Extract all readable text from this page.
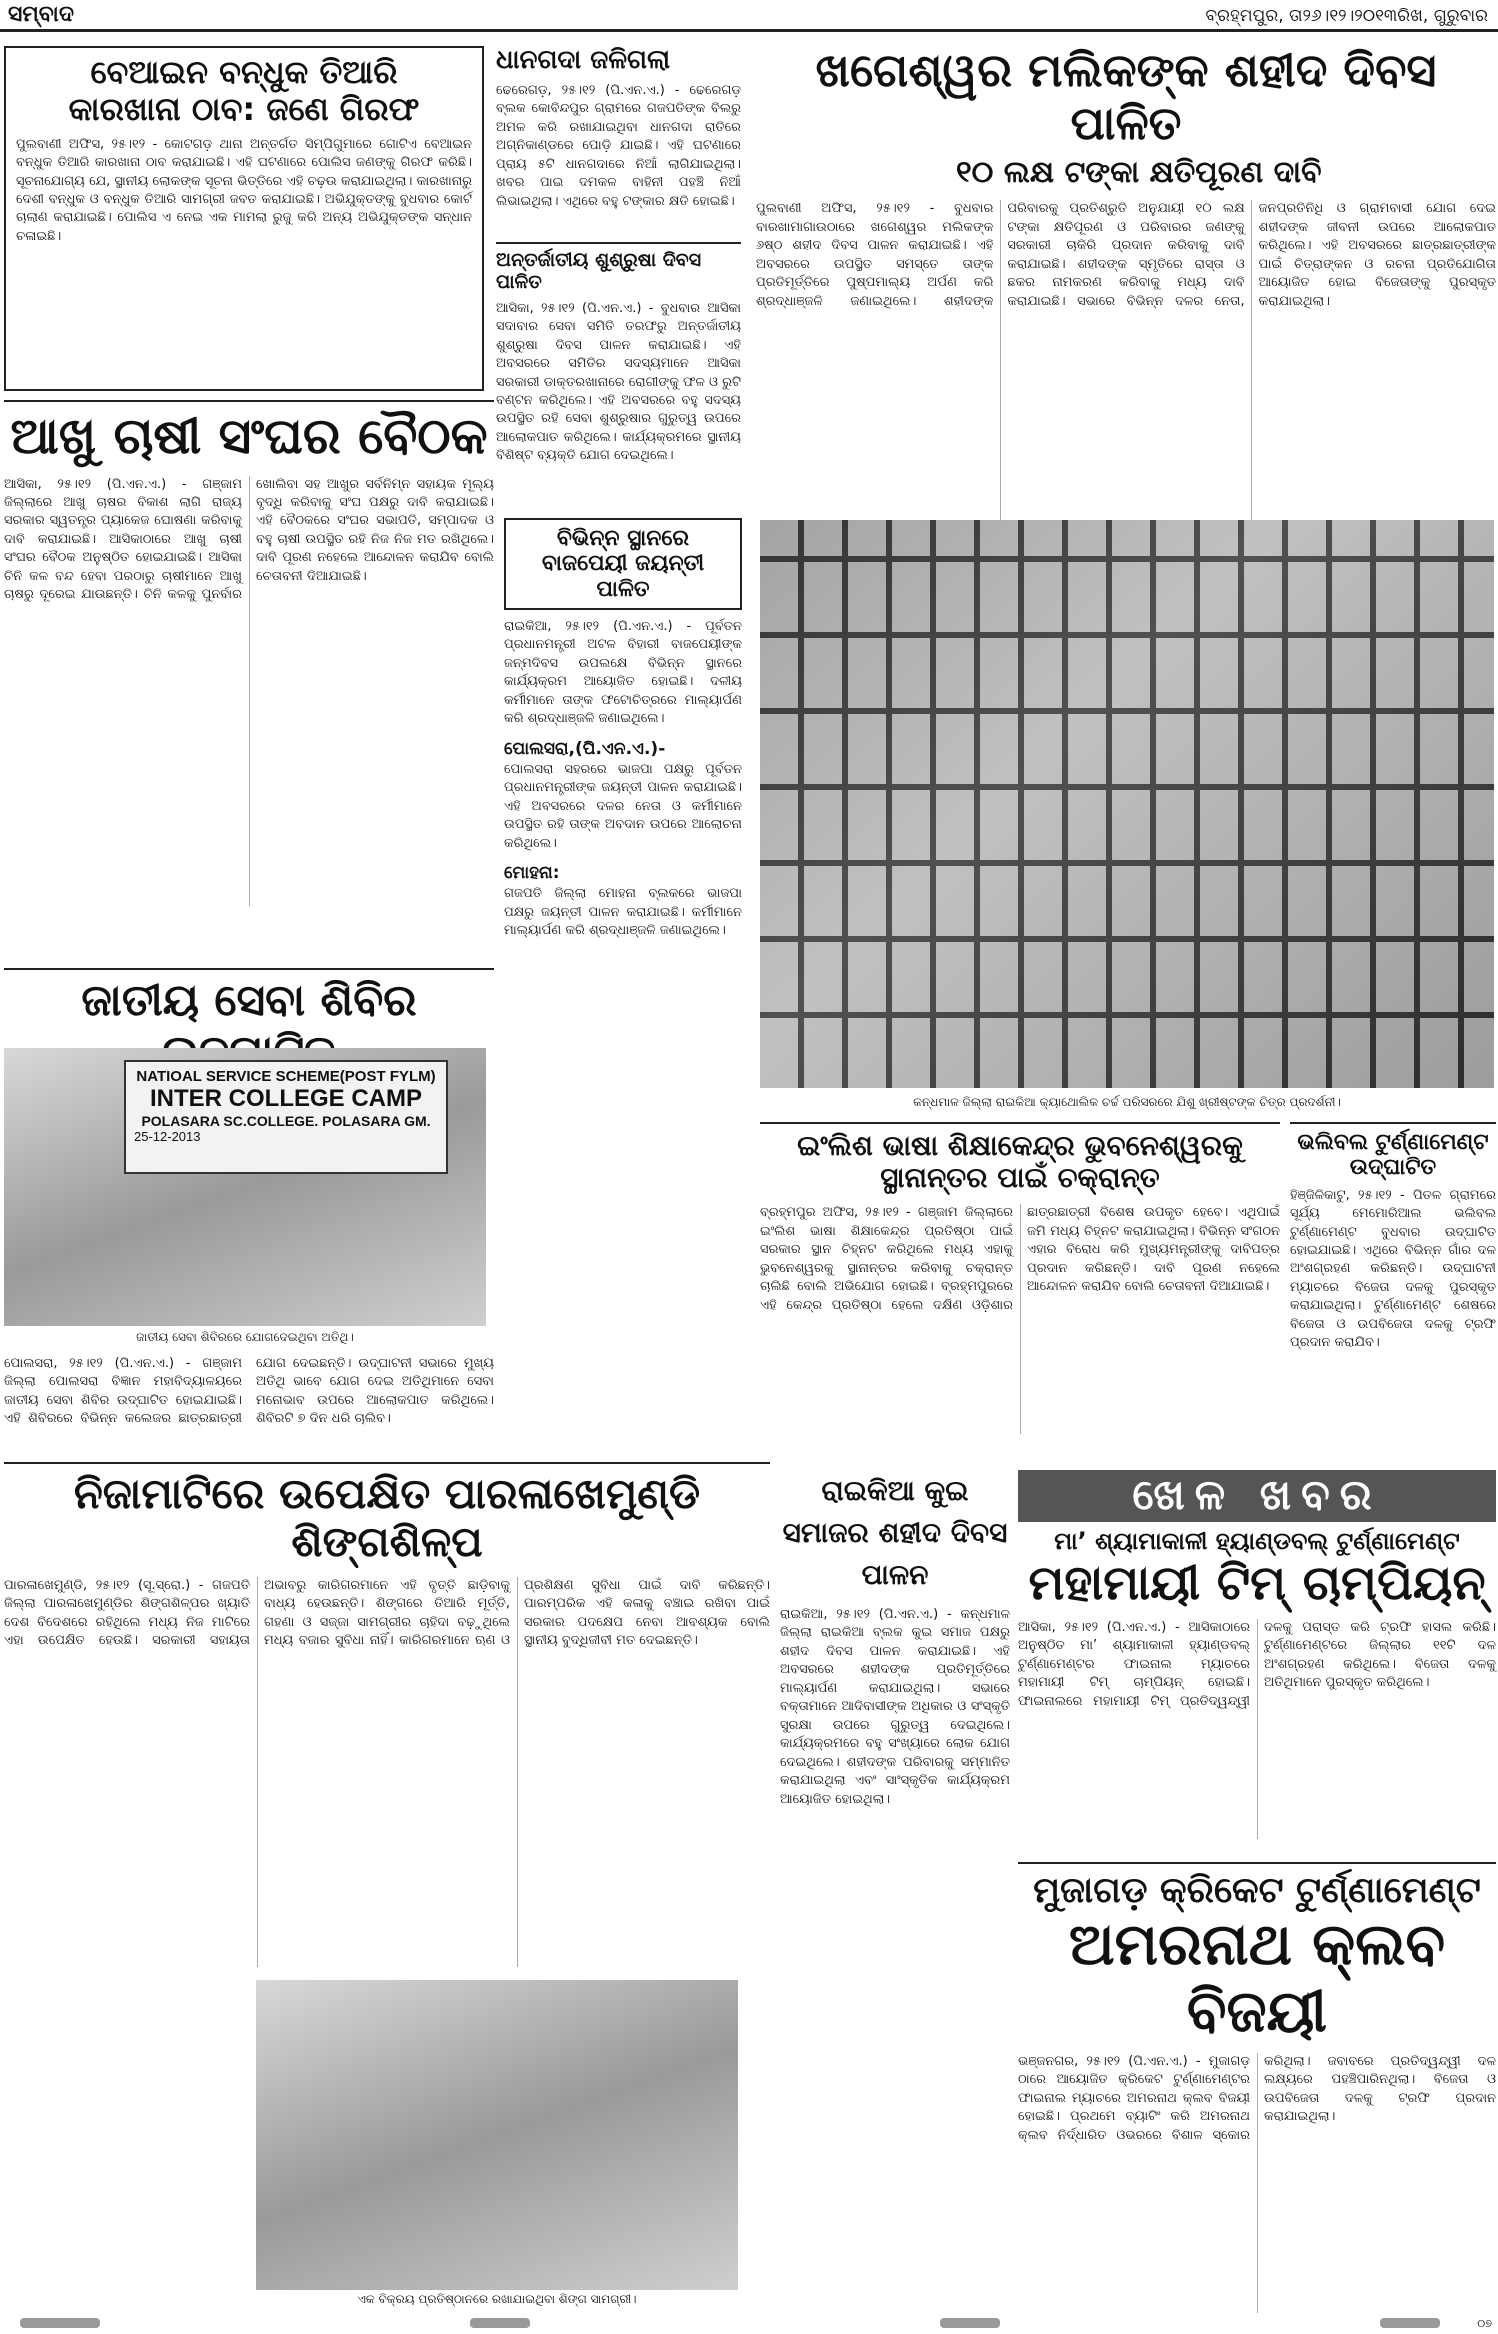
ସମ୍ବାଦ	ବ୍ରହ୍ମପୁର, ତା୨୬।୧୨।୨୦୧୩ରିଖ, ଗୁରୁବାର
ବେଆଇନ ବନ୍ଧୁକ ତିଆରି
କାରଖାନା ଠାବ: ଜଣେ ଗିରଫ
ପୁଲବାଣୀ ଅଫିସ, ୨୫।୧୨ - କୋଟଗଡ଼ ଥାନା ଅନ୍ତର୍ଗତ ସିମ୍‌ପିଗୁମାରେ ଗୋଟିଏ ବେଆଇନ ବନ୍ଧୁକ ତିଆରି କାରଖାନା ଠାବ କରାଯାଇଛି। ଏହି ଘଟଣାରେ ପୋଲିସ ଜଣଙ୍କୁ ଗିରଫ କରିଛି। ସୂଚନାଯୋଗ୍ୟ ଯେ, ସ୍ଥାନୀୟ ଲୋକଙ୍କ ସୂଚନା ଭିତ୍ତିରେ ଏହି ଚଢ଼ଉ କରାଯାଇଥିଲା। କାରଖାନାରୁ ଦେଶୀ ବନ୍ଧୁକ ଓ ବନ୍ଧୁକ ତିଆରି ସାମଗ୍ରୀ ଜବତ କରାଯାଇଛି। ଅଭିଯୁକ୍ତଙ୍କୁ ବୁଧବାର କୋର୍ଟ ଚାଲାଣ କରାଯାଇଛି। ପୋଲିସ ଏ ନେଇ ଏକ ମାମଲା ରୁଜୁ କରି ଅନ୍ୟ ଅଭିଯୁକ୍ତଙ୍କ ସନ୍ଧାନ ଚଳାଇଛି।
ଧାନଗଦା ଜଳିଗଲା
ଢେରେଗଡ଼, ୨୫।୧୨ (ପି.ଏନ.ଏ.) - ଢେରେଗଡ଼ ବ୍ଲକ କୋବିନ୍ଦପୁର ଗ୍ରାମରେ ଗଜପତିଙ୍କ ବିଲରୁ ଅମଳ କରି ରଖାଯାଇଥିବା ଧାନଗଦା ରାତିରେ ଅଗ୍ନିକାଣ୍ଡରେ ପୋଡ଼ି ଯାଇଛି। ଏହି ଘଟଣାରେ ପ୍ରାୟ ୫ଟି ଧାନଗଦାରେ ନିଆଁ ଲାଗିଯାଇଥିଲା। ଖବର ପାଇ ଦମକଳ ବାହିନୀ ପହଞ୍ଚି ନିଆଁ ଲିଭାଇଥିଲା। ଏଥିରେ ବହୁ ଟଙ୍କାର କ୍ଷତି ହୋଇଛି।
ଅନ୍ତର୍ଜାତୀୟ ଶୁଶ୍ରୁଷା ଦିବସ ପାଳିତ
ଆସିକା, ୨୫।୧୨ (ପି.ଏନ.ଏ.) - ବୁଧବାର ଆସିକା ସଦାବାର ସେବା ସମିତି ତରଫରୁ ଅନ୍ତର୍ଜାତୀୟ ଶୁଶ୍ରୁଷା ଦିବସ ପାଳନ କରାଯାଇଛି। ଏହି ଅବସରରେ ସମିତିର ସଦସ୍ୟମାନେ ଆସିକା ସରକାରୀ ଡାକ୍ତରଖାନାରେ ରୋଗୀଙ୍କୁ ଫଳ ଓ ରୁଟି ବଣ୍ଟନ କରିଥିଲେ। ଏହି ଅବସରରେ ବହୁ ସଦସ୍ୟ ଉପସ୍ଥିତ ରହି ସେବା ଶୁଶ୍ରୁଷାର ଗୁରୁତ୍ୱ ଉପରେ ଆଲୋକପାତ କରିଥିଲେ। କାର୍ଯ୍ୟକ୍ରମରେ ସ୍ଥାନୀୟ ବିଶିଷ୍ଟ ବ୍ୟକ୍ତି ଯୋଗ ଦେଇଥିଲେ।
ଖଗେଶ୍ୱର ମଲିକଙ୍କ ଶହୀଦ ଦିବସ ପାଳିତ
୧୦ ଲକ୍ଷ ଟଙ୍କା କ୍ଷତିପୂରଣ ଦାବି
ପୁଲବାଣୀ ଅଫିସ, ୨୫।୧୨ - ବୁଧବାର ବାରଖାମାଗାଉଠାରେ ଖଗେଶ୍ୱର ମଲିକଙ୍କ ୬ଷ୍ଠ ଶହୀଦ ଦିବସ ପାଳନ କରାଯାଇଛି। ଏହି ଅବସରରେ ଉପସ୍ଥିତ ସମସ୍ତେ ତାଙ୍କ ପ୍ରତିମୂର୍ତ୍ତିରେ ପୁଷ୍ପମାଲ୍ୟ ଅର୍ପଣ କରି ଶ୍ରଦ୍ଧାଞ୍ଜଳି ଜଣାଇଥିଲେ। ଶହୀଦଙ୍କ ପରିବାରକୁ ପ୍ରତିଶ୍ରୁତି ଅନୁଯାୟୀ ୧୦ ଲକ୍ଷ ଟଙ୍କା କ୍ଷତିପୂରଣ ଓ ପରିବାରର ଜଣଙ୍କୁ ସରକାରୀ ଚାକିରି ପ୍ରଦାନ କରିବାକୁ ଦାବି କରାଯାଇଛି। ଶହୀଦଙ୍କ ସ୍ମୃତିରେ ରାସ୍ତା ଓ ଛକର ନାମକରଣ କରିବାକୁ ମଧ୍ୟ ଦାବି କରାଯାଇଛି। ସଭାରେ ବିଭିନ୍ନ ଦଳର ନେତା, ଜନପ୍ରତିନିଧି ଓ ଗ୍ରାମବାସୀ ଯୋଗ ଦେଇ ଶହୀଦଙ୍କ ଜୀବନୀ ଉପରେ ଆଲୋକପାତ କରିଥିଲେ। ଏହି ଅବସରରେ ଛାତ୍ରଛାତ୍ରୀଙ୍କ ପାଇଁ ଚିତ୍ରାଙ୍କନ ଓ ରଚନା ପ୍ରତିଯୋଗିତା ଆୟୋଜିତ ହୋଇ ବିଜେତାଙ୍କୁ ପୁରସ୍କୃତ କରାଯାଇଥିଲା।
ଆଖୁ ଚାଷୀ ସଂଘର ବୈଠକ
ଆସିକା, ୨୫।୧୨ (ପି.ଏନ.ଏ.) - ଗଞ୍ଜାମ ଜିଲ୍ଲାରେ ଆଖୁ ଚାଷର ବିକାଶ ଲାଗି ରାଜ୍ୟ ସରକାର ସ୍ୱତନ୍ତ୍ର ପ୍ୟାକେଜ ଘୋଷଣା କରିବାକୁ ଦାବି କରାଯାଇଛି। ଆସିକାଠାରେ ଆଖୁ ଚାଷୀ ସଂଘର ବୈଠକ ଅନୁଷ୍ଠିତ ହୋଇଯାଇଛି। ଆସିକା ଚିନି କଳ ବନ୍ଦ ହେବା ପରଠାରୁ ଚାଷୀମାନେ ଆଖୁ ଚାଷରୁ ଦୂରେଇ ଯାଉଛନ୍ତି। ଚିନି କଳକୁ ପୁନର୍ବାର ଖୋଲିବା ସହ ଆଖୁର ସର୍ବନିମ୍ନ ସହାୟକ ମୂଲ୍ୟ ବୃଦ୍ଧି କରିବାକୁ ସଂଘ ପକ୍ଷରୁ ଦାବି କରାଯାଇଛି। ଏହି ବୈଠକରେ ସଂଘର ସଭାପତି, ସମ୍ପାଦକ ଓ ବହୁ ଚାଷୀ ଉପସ୍ଥିତ ରହି ନିଜ ନିଜ ମତ ରଖିଥିଲେ। ଦାବି ପୂରଣ ନହେଲେ ଆନ୍ଦୋଳନ କରାଯିବ ବୋଲି ଚେତାବନୀ ଦିଆଯାଇଛି।
ବିଭିନ୍ନ ସ୍ଥାନରେ ବାଜପେୟୀ ଜୟନ୍ତୀ ପାଳିତ
ରାଇକିଆ, ୨୫।୧୨ (ପି.ଏନ.ଏ.) - ପୂର୍ବତନ ପ୍ରଧାନମନ୍ତ୍ରୀ ଅଟଳ ବିହାରୀ ବାଜପେୟୀଙ୍କ ଜନ୍ମଦିବସ ଉପଲକ୍ଷେ ବିଭିନ୍ନ ସ୍ଥାନରେ କାର୍ଯ୍ୟକ୍ରମ ଆୟୋଜିତ ହୋଇଛି। ଦଳୀୟ କର୍ମୀମାନେ ତାଙ୍କ ଫଟୋଚିତ୍ରରେ ମାଲ୍ୟାର୍ପଣ କରି ଶ୍ରଦ୍ଧାଞ୍ଜଳି ଜଣାଇଥିଲେ।
ପୋଲସରା,(ପି.ଏନ.ଏ.)-
ପୋଲସରା ସହରରେ ଭାଜପା ପକ୍ଷରୁ ପୂର୍ବତନ ପ୍ରଧାନମନ୍ତ୍ରୀଙ୍କ ଜୟନ୍ତୀ ପାଳନ କରାଯାଇଛି। ଏହି ଅବସରରେ ଦଳର ନେତା ଓ କର୍ମୀମାନେ ଉପସ୍ଥିତ ରହି ତାଙ୍କ ଅବଦାନ ଉପରେ ଆଲୋଚନା କରିଥିଲେ।
ମୋହନା:
ଗଜପତି ଜିଲ୍ଲା ମୋହନା ବ୍ଲକରେ ଭାଜପା ପକ୍ଷରୁ ଜୟନ୍ତୀ ପାଳନ କରାଯାଇଛି। କର୍ମୀମାନେ ମାଲ୍ୟାର୍ପଣ କରି ଶ୍ରଦ୍ଧାଞ୍ଜଳି ଜଣାଇଥିଲେ।
କନ୍ଧମାଳ ଜିଲ୍ଲା ରାଇକିଆ କ୍ୟାଥୋଲିକ ଚର୍ଚ୍ଚ ପରିସରରେ ଯିଶୁ ଖ୍ରୀଷ୍ଟଙ୍କ ଚିତ୍ର ପ୍ରଦର୍ଶନୀ।
ଜାତୀୟ ସେବା ଶିବିର
NATIOAL SERVICE SCHEME(POST FYLM)
INTER COLLEGE CAMP
POLASARA SC.COLLEGE. POLASARA GM.
25-12-2013
ଜାତୀୟ ସେବା ଶିବିରରେ ଯୋଗଦେଇଥିବା ଅତିଥି।
ପୋଲସରା, ୨୫।୧୨ (ପି.ଏନ.ଏ.) - ଗଞ୍ଜାମ ଜିଲ୍ଲା ପୋଲସରା ବିଜ୍ଞାନ ମହାବିଦ୍ୟାଳୟରେ ଜାତୀୟ ସେବା ଶିବିର ଉଦ୍‌ଘାଟିତ ହୋଇଯାଇଛି। ଏହି ଶିବିରରେ ବିଭିନ୍ନ କଲେଜର ଛାତ୍ରଛାତ୍ରୀ ଯୋଗ ଦେଇଛନ୍ତି। ଉଦ୍‌ଘାଟନୀ ସଭାରେ ମୁଖ୍ୟ ଅତିଥି ଭାବେ ଯୋଗ ଦେଇ ଅତିଥିମାନେ ସେବା ମନୋଭାବ ଉପରେ ଆଲୋକପାତ କରିଥିଲେ। ଶିବିରଟି ୭ ଦିନ ଧରି ଚାଲିବ।
ଇଂଲିଶ ଭାଷା ଶିକ୍ଷାକେନ୍ଦ୍ର ଭୁବନେଶ୍ୱରକୁ ସ୍ଥାନାନ୍ତର ପାଇଁ ଚକ୍ରାନ୍ତ
ବ୍ରହ୍ମପୁର ଅଫିସ, ୨୫।୧୨ - ଗଞ୍ଜାମ ଜିଲ୍ଲାରେ ଇଂଲିଶ ଭାଷା ଶିକ୍ଷାକେନ୍ଦ୍ର ପ୍ରତିଷ୍ଠା ପାଇଁ ସରକାର ସ୍ଥାନ ଚିହ୍ନଟ କରିଥିଲେ ମଧ୍ୟ ଏହାକୁ ଭୁବନେଶ୍ୱରକୁ ସ୍ଥାନାନ୍ତର କରିବାକୁ ଚକ୍ରାନ୍ତ ଚାଲିଛି ବୋଲି ଅଭିଯୋଗ ହୋଇଛି। ବ୍ରହ୍ମପୁରରେ ଏହି କେନ୍ଦ୍ର ପ୍ରତିଷ୍ଠା ହେଲେ ଦକ୍ଷିଣ ଓଡ଼ିଶାର ଛାତ୍ରଛାତ୍ରୀ ବିଶେଷ ଉପକୃତ ହେବେ। ଏଥିପାଇଁ ଜମି ମଧ୍ୟ ଚିହ୍ନଟ କରାଯାଇଥିଲା। ବିଭିନ୍ନ ସଂଗଠନ ଏହାର ବିରୋଧ କରି ମୁଖ୍ୟମନ୍ତ୍ରୀଙ୍କୁ ଦାବିପତ୍ର ପ୍ରଦାନ କରିଛନ୍ତି। ଦାବି ପୂରଣ ନହେଲେ ଆନ୍ଦୋଳନ କରାଯିବ ବୋଲି ଚେତାବନୀ ଦିଆଯାଇଛି।
ଭଲିବଲ ଟୁର୍ଣ୍ଣାମେଣ୍ଟ ଉଦ୍‌ଘାଟିତ
ହିଞ୍ଜିଳିକାଟୁ, ୨୫।୧୨ - ପିତଳ ଗ୍ରାମରେ ସୂର୍ଯ୍ୟ ମେମୋରିଆଲ ଭଲିବଲ ଟୁର୍ଣ୍ଣାମେଣ୍ଟ ବୁଧବାର ଉଦ୍‌ଘାଟିତ ହୋଇଯାଇଛି। ଏଥିରେ ବିଭିନ୍ନ ଗାଁର ଦଳ ଅଂଶଗ୍ରହଣ କରିଛନ୍ତି। ଉଦ୍‌ଘାଟନୀ ମ୍ୟାଚରେ ବିଜେତା ଦଳକୁ ପୁରସ୍କୃତ କରାଯାଇଥିଲା। ଟୁର୍ଣ୍ଣାମେଣ୍ଟ ଶେଷରେ ବିଜେତା ଓ ଉପବିଜେତା ଦଳକୁ ଟ୍ରଫି ପ୍ରଦାନ କରାଯିବ।
ନିଜାମାଟିରେ ଉପେକ୍ଷିତ ପାରଳାଖେମୁଣ୍ଡି ଶିଙ୍ଗଶିଳ୍ପ
ପାରଳାଖେମୁଣ୍ଡି, ୨୫।୧୨ (ସୂ.ସ୍ରୋ.) - ଗଜପତି ଜିଲ୍ଲା ପାରଳାଖେମୁଣ୍ଡିର ଶିଙ୍ଗଶିଳ୍ପର ଖ୍ୟାତି ଦେଶ ବିଦେଶରେ ରହିଥିଲେ ମଧ୍ୟ ନିଜ ମାଟିରେ ଏହା ଉପେକ୍ଷିତ ହେଉଛି। ସରକାରୀ ସହାୟତା ଅଭାବରୁ କାରିଗରମାନେ ଏହି ବୃତ୍ତି ଛାଡ଼ିବାକୁ ବାଧ୍ୟ ହେଉଛନ୍ତି। ଶିଙ୍ଗରେ ତିଆରି ମୂର୍ତ୍ତି, ଗହଣା ଓ ସଜ୍ଜା ସାମଗ୍ରୀର ଚାହିଦା ବଢ଼ୁଥିଲେ ମଧ୍ୟ ବଜାର ସୁବିଧା ନାହିଁ। କାରିଗରମାନେ ଋଣ ଓ ପ୍ରଶିକ୍ଷଣ ସୁବିଧା ପାଇଁ ଦାବି କରିଛନ୍ତି। ପାରମ୍ପରିକ ଏହି କଳାକୁ ବଞ୍ଚାଇ ରଖିବା ପାଇଁ ସରକାର ପଦକ୍ଷେପ ନେବା ଆବଶ୍ୟକ ବୋଲି ସ୍ଥାନୀୟ ବୁଦ୍ଧିଜୀବୀ ମତ ଦେଇଛନ୍ତି।
ଏକ ବିକ୍ରୟ ପ୍ରତିଷ୍ଠାନରେ ରଖାଯାଇଥିବା ଶିଙ୍ଗ ସାମଗ୍ରୀ।
ରାଇକିଆ କୁଇ ସମାଜର ଶହୀଦ ଦିବସ ପାଳନ
ରାଇକିଆ, ୨୫।୧୨ (ପି.ଏନ.ଏ.) - କନ୍ଧମାଳ ଜିଲ୍ଲା ରାଇକିଆ ବ୍ଲକ କୁଇ ସମାଜ ପକ୍ଷରୁ ଶହୀଦ ଦିବସ ପାଳନ କରାଯାଇଛି। ଏହି ଅବସରରେ ଶହୀଦଙ୍କ ପ୍ରତିମୂର୍ତ୍ତିରେ ମାଲ୍ୟାର୍ପଣ କରାଯାଇଥିଲା। ସଭାରେ ବକ୍ତାମାନେ ଆଦିବାସୀଙ୍କ ଅଧିକାର ଓ ସଂସ୍କୃତି ସୁରକ୍ଷା ଉପରେ ଗୁରୁତ୍ୱ ଦେଇଥିଲେ। କାର୍ଯ୍ୟକ୍ରମରେ ବହୁ ସଂଖ୍ୟାରେ ଲୋକ ଯୋଗ ଦେଇଥିଲେ। ଶହୀଦଙ୍କ ପରିବାରକୁ ସମ୍ମାନିତ କରାଯାଇଥିଲା ଏବଂ ସାଂସ୍କୃତିକ କାର୍ଯ୍ୟକ୍ରମ ଆୟୋଜିତ ହୋଇଥିଲା।
ଖେଳ ଖବର
ମା’ ଶ୍ୟାମାକାଳୀ ହ୍ୟାଣ୍ଡବଲ୍ ଟୁର୍ଣ୍ଣାମେଣ୍ଟ
ମହାମାୟୀ ଟିମ୍ ଚାମ୍ପିୟନ୍
ଆସିକା, ୨୫।୧୨ (ପି.ଏନ.ଏ.) - ଆସିକାଠାରେ ଅନୁଷ୍ଠିତ ମା’ ଶ୍ୟାମାକାଳୀ ହ୍ୟାଣ୍ଡବଲ୍ ଟୁର୍ଣ୍ଣାମେଣ୍ଟର ଫାଇନାଲ ମ୍ୟାଚରେ ମହାମାୟୀ ଟିମ୍ ଚାମ୍ପିୟନ୍ ହୋଇଛି। ଫାଇନାଲରେ ମହାମାୟୀ ଟିମ୍ ପ୍ରତିଦ୍ୱନ୍ଦ୍ୱୀ ଦଳକୁ ପରାସ୍ତ କରି ଟ୍ରଫି ହାସଲ କରିଛି। ଟୁର୍ଣ୍ଣାମେଣ୍ଟରେ ଜିଲ୍ଲାର ୧୧ଟି ଦଳ ଅଂଶଗ୍ରହଣ କରିଥିଲେ। ବିଜେତା ଦଳକୁ ଅତିଥିମାନେ ପୁରସ୍କୃତ କରିଥିଲେ।
ମୁଜାଗଡ଼ କ୍ରିକେଟ ଟୁର୍ଣ୍ଣାମେଣ୍ଟ
ଅମରନାଥ କ୍ଲବ ବିଜୟୀ
ଭଞ୍ଜନଗର, ୨୫।୧୨ (ପି.ଏନ.ଏ.) - ମୁଜାଗଡ଼ ଠାରେ ଆୟୋଜିତ କ୍ରିକେଟ ଟୁର୍ଣ୍ଣାମେଣ୍ଟର ଫାଇନାଲ ମ୍ୟାଚରେ ଅମରନାଥ କ୍ଲବ ବିଜୟୀ ହୋଇଛି। ପ୍ରଥମେ ବ୍ୟାଟିଂ କରି ଅମରନାଥ କ୍ଲବ ନିର୍ଦ୍ଧାରିତ ଓଭରରେ ବିଶାଳ ସ୍କୋର କରିଥିଲା। ଜବାବରେ ପ୍ରତିଦ୍ୱନ୍ଦ୍ୱୀ ଦଳ ଲକ୍ଷ୍ୟରେ ପହଞ୍ଚିପାରିନଥିଲା। ବିଜେତା ଓ ଉପବିଜେତା ଦଳକୁ ଟ୍ରଫି ପ୍ରଦାନ କରାଯାଇଥିଲା।
୦୭
